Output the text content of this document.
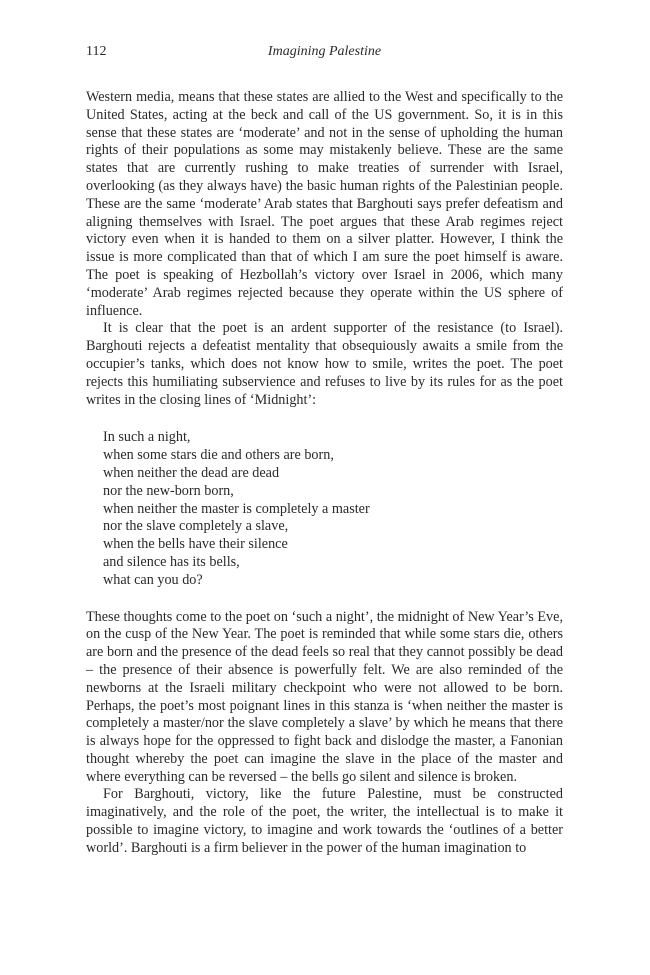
112	Imagining Palestine

Western media, means that these states are allied to the West and specifically to the United States, acting at the beck and call of the US government. So, it is in this sense that these states are ‘moderate’ and not in the sense of upholding the human rights of their populations as some may mistakenly believe. These are the same states that are currently rushing to make treaties of surrender with Israel, overlooking (as they always have) the basic human rights of the Palestinian people. These are the same ‘moderate’ Arab states that Barghouti says prefer defeatism and aligning themselves with Israel. The poet argues that these Arab regimes reject victory even when it is handed to them on a silver platter. However, I think the issue is more complicated than that of which I am sure the poet himself is aware. The poet is speaking of Hezbollah’s victory over Israel in 2006, which many ‘moderate’ Arab regimes rejected because they operate within the US sphere of influence.

It is clear that the poet is an ardent supporter of the resistance (to Israel). Barghouti rejects a defeatist mentality that obsequiously awaits a smile from the occupier’s tanks, which does not know how to smile, writes the poet. The poet rejects this humiliating subservience and refuses to live by its rules for as the poet writes in the closing lines of ‘Midnight’:

In such a night,
when some stars die and others are born,
when neither the dead are dead
nor the new-born born,
when neither the master is completely a master
nor the slave completely a slave,
when the bells have their silence
and silence has its bells,
what can you do?

These thoughts come to the poet on ‘such a night’, the midnight of New Year’s Eve, on the cusp of the New Year. The poet is reminded that while some stars die, others are born and the presence of the dead feels so real that they cannot possibly be dead – the presence of their absence is powerfully felt. We are also reminded of the newborns at the Israeli military checkpoint who were not allowed to be born. Perhaps, the poet’s most poignant lines in this stanza is ‘when neither the master is completely a master/nor the slave completely a slave’ by which he means that there is always hope for the oppressed to fight back and dislodge the master, a Fanonian thought whereby the poet can imagine the slave in the place of the master and where everything can be reversed – the bells go silent and silence is broken.

For Barghouti, victory, like the future Palestine, must be constructed imaginatively, and the role of the poet, the writer, the intellectual is to make it possible to imagine victory, to imagine and work towards the ‘outlines of a better world’. Barghouti is a firm believer in the power of the human imagination to
